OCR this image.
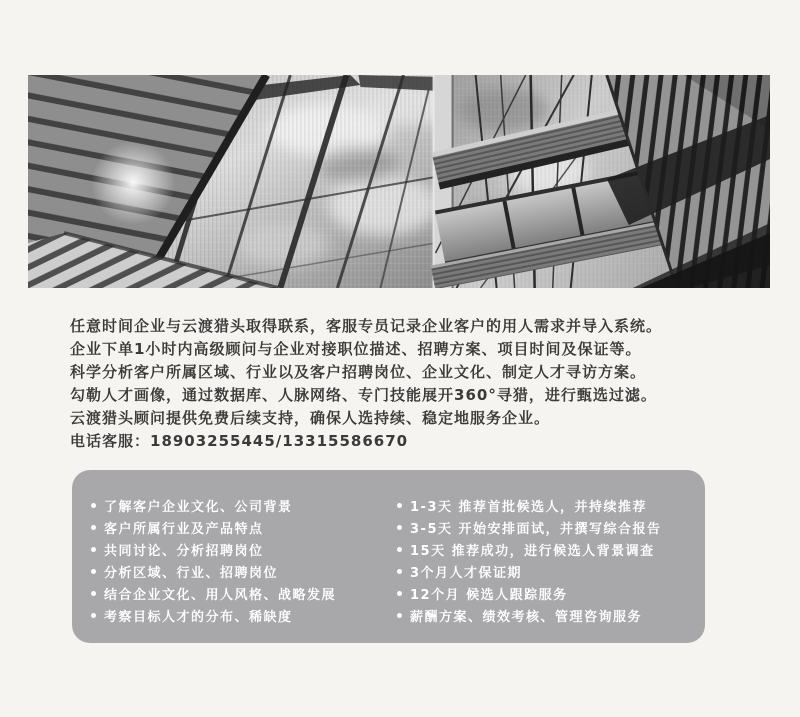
任意时间企业与云渡猎头取得联系，客服专员记录企业客户的用人需求并导入系统。
企业下单1小时内高级顾问与企业对接职位描述、招聘方案、项目时间及保证等。
科学分析客户所属区域、行业以及客户招聘岗位、企业文化、制定人才寻访方案。
勾勒人才画像，通过数据库、人脉网络、专门技能展开360°寻猎，进行甄选过滤。
云渡猎头顾问提供免费后续支持，确保人选持续、稳定地服务企业。
电话客服：18903255445/13315586670
了解客户企业文化、公司背景
客户所属行业及产品特点
共同讨论、分析招聘岗位
分析区域、行业、招聘岗位
结合企业文化、用人风格、战略发展
考察目标人才的分布、稀缺度
1-3天 推荐首批候选人，并持续推荐
3-5天 开始安排面试，并撰写综合报告
15天 推荐成功，进行候选人背景调查
3个月人才保证期
12个月 候选人跟踪服务
薪酬方案、绩效考核、管理咨询服务
